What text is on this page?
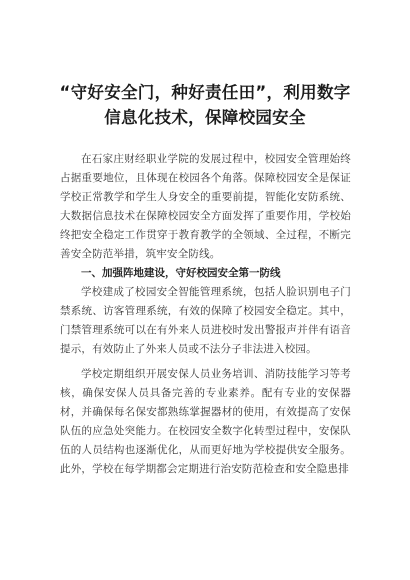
“守好安全门，种好责任田”，利用数字信息化技术，保障校园安全

在石家庄财经职业学院的发展过程中，校园安全管理始终占据重要地位，且体现在校园各个角落。保障校园安全是保证学校正常教学和学生人身安全的重要前提，智能化安防系统、大数据信息技术在保障校园安全方面发挥了重要作用，学校始终把安全稳定工作贯穿于教育教学的全领域、全过程，不断完善安全防范举措，筑牢安全防线。

一、加强阵地建设，守好校园安全第一防线

学校建成了校园安全智能管理系统，包括人脸识别电子门禁系统、访客管理系统，有效的保障了校园安全稳定。其中，门禁管理系统可以在有外来人员进校时发出警报声并伴有语音提示，有效防止了外来人员或不法分子非法进入校园。

学校定期组织开展安保人员业务培训、消防技能学习等考核，确保安保人员具备完善的专业素养。配有专业的安保器材，并确保每名保安都熟练掌握器材的使用，有效提高了安保队伍的应急处突能力。在校园安全数字化转型过程中，安保队伍的人员结构也逐渐优化，从而更好地为学校提供安全服务。此外，学校在每学期都会定期进行治安防范检查和安全隐患排
